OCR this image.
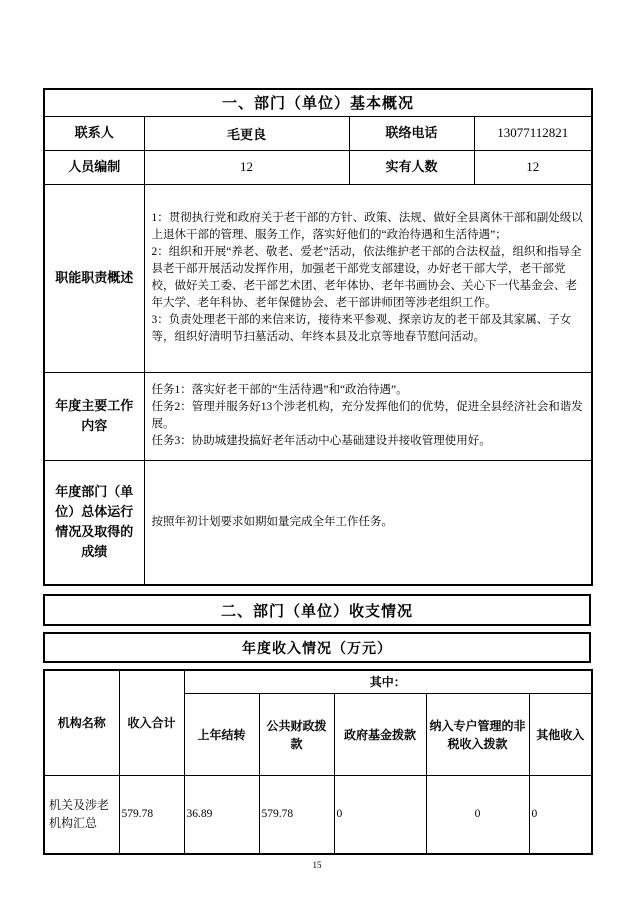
一、部门（单位）基本概况			
联系人	毛更良	联络电话	13077112821
人员编制	12	实有人数	12
职能职责概述	1：贯彻执行党和政府关于老干部的方针、政策、法规、做好全县离休干部和副处级以上退休干部的管理、服务工作，落实好他们的“政治待遇和生活待遇”；
2：组织和开展“养老、敬老、爱老”活动，依法维护老干部的合法权益，组织和指导全县老干部开展活动发挥作用，加强老干部党支部建设，办好老干部大学，老干部党校，做好关工委、老干部艺术团、老年体协、老年书画协会、关心下一代基金会、老年大学、老年科协、老年保健协会、老干部讲师团等涉老组织工作。
3：负责处理老干部的来信来访，接待来平参观、探亲访友的老干部及其家属、子女等，组织好清明节扫墓活动、年终本县及北京等地春节慰问活动。		

年度主要工作内容	任务1：落实好老干部的“生活待遇”和“政治待遇”。
任务2：管理并服务好13个涉老机构，充分发挥他们的优势，促进全县经济社会和谐发展。
任务3：协助城建投搞好老年活动中心基础建设并接收管理使用好。		

年度部门（单位）总体运行情况及取得的成绩	按照年初计划要求如期如量完成全年工作任务。		
二、部门（单位）收支情况
年度收入情况（万元）
机构名称	收入合计	其中：				
		上年结转	公共财政拨款	政府基金拨款	纳入专户管理的非税收入拨款	其他收入
机关及涉老机构汇总	579.78	36.89	579.78	0	0	0
15
